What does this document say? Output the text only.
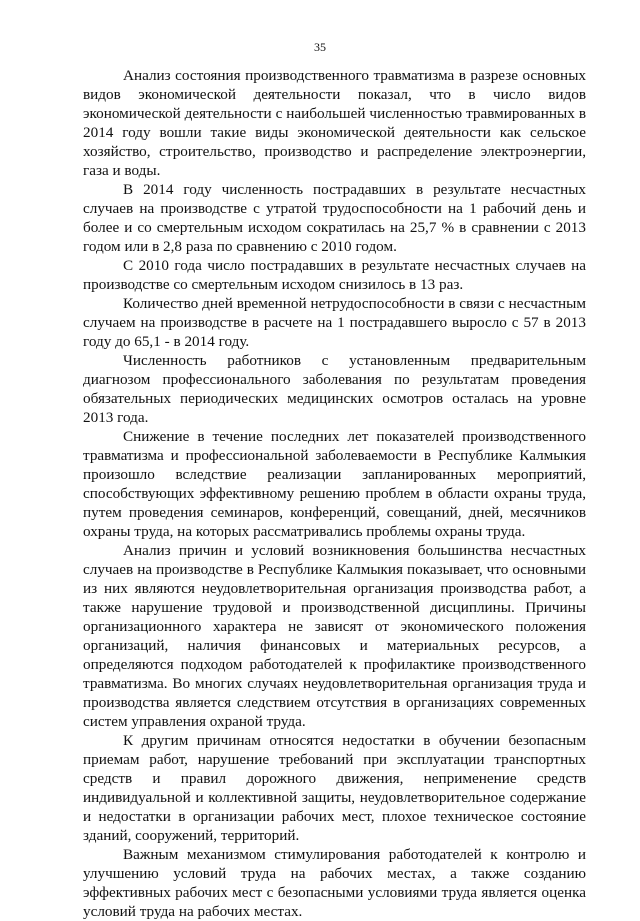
35

Анализ состояния производственного травматизма в разрезе основных видов экономической деятельности показал, что в число видов экономической деятельности с наибольшей численностью травмированных в 2014 году вошли такие виды экономической деятельности как сельское хозяйство, строительство, производство и распределение электроэнергии, газа и воды.

В 2014 году численность пострадавших в результате несчастных случаев на производстве с утратой трудоспособности на 1 рабочий день и более и со смертельным исходом сократилась на 25,7 % в сравнении с 2013 годом или в 2,8 раза по сравнению с 2010 годом.

С 2010 года число пострадавших в результате несчастных случаев на производстве со смертельным исходом снизилось в 13 раз.

Количество дней временной нетрудоспособности в связи с несчастным случаем на производстве в расчете на 1 пострадавшего выросло с 57 в 2013 году до 65,1 - в 2014 году.

Численность работников с установленным предварительным диагнозом профессионального заболевания по результатам проведения обязательных периодических медицинских осмотров осталась на уровне 2013 года.

Снижение в течение последних лет показателей производственного травматизма и профессиональной заболеваемости в Республике Калмыкия произошло вследствие реализации запланированных мероприятий, способствующих эффективному решению проблем в области охраны труда, путем проведения семинаров, конференций, совещаний, дней, месячников охраны труда, на которых рассматривались проблемы охраны труда.

Анализ причин и условий возникновения большинства несчастных случаев на производстве в Республике Калмыкия показывает, что основными из них являются неудовлетворительная организация производства работ, а также нарушение трудовой и производственной дисциплины. Причины организационного характера не зависят от экономического положения организаций, наличия финансовых и материальных ресурсов, а определяются подходом работодателей к профилактике производственного травматизма. Во многих случаях неудовлетворительная организация труда и производства является следствием отсутствия в организациях современных систем управления охраной труда.

К другим причинам относятся недостатки в обучении безопасным приемам работ, нарушение требований при эксплуатации транспортных средств и правил дорожного движения, неприменение средств индивидуальной и коллективной защиты, неудовлетворительное содержание и недостатки в организации рабочих мест, плохое техническое состояние зданий, сооружений, территорий.

Важным механизмом стимулирования работодателей к контролю и улучшению условий труда на рабочих местах, а также созданию эффективных рабочих мест с безопасными условиями труда является оценка условий труда на рабочих местах.
